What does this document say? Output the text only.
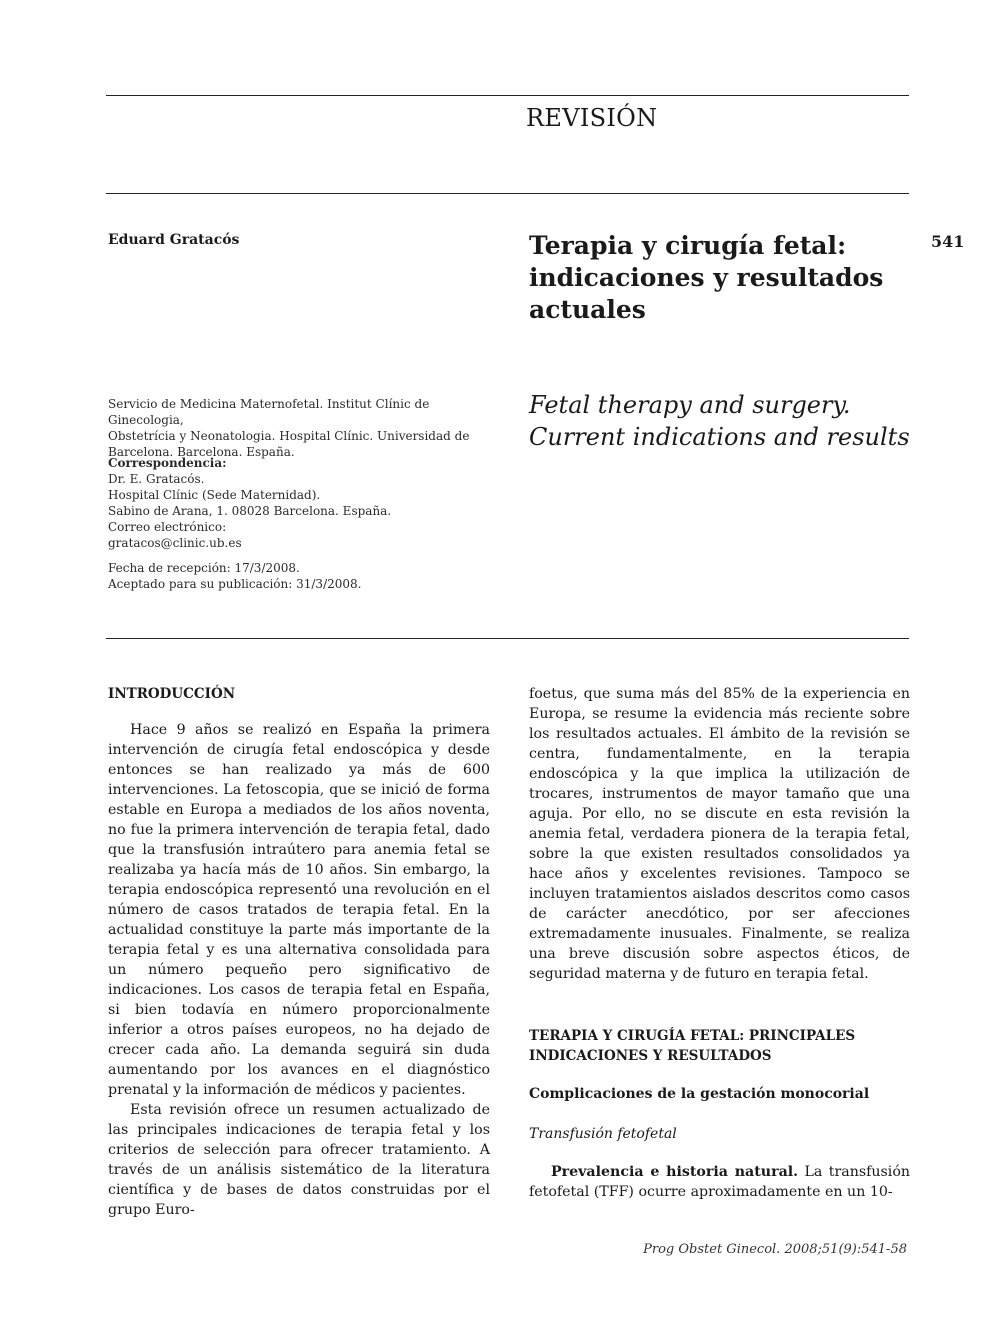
REVISIÓN
Eduard Gratacós	Terapia y cirugía fetal:
indicaciones y resultados
actuales
541
Servicio de Medicina Maternofetal. Institut Clínic de Ginecologia,
Obstetrícia y Neonatologia. Hospital Clínic. Universidad de
Barcelona. Barcelona. España.
Fetal therapy and surgery.
Current indications and results
Correspondencia:
Dr. E. Gratacós.
Hospital Clínic (Sede Maternidad).
Sabino de Arana, 1. 08028 Barcelona. España.
Correo electrónico:
gratacos@clinic.ub.es
Fecha de recepción: 17/3/2008.
Aceptado para su publicación: 31/3/2008.

INTRODUCCIÓN

Hace 9 años se realizó en España la primera intervención de cirugía fetal endoscópica y desde entonces se han realizado ya más de 600 intervenciones. La fetoscopia, que se inició de forma estable en Europa a mediados de los años noventa, no fue la primera intervención de terapia fetal, dado que la transfusión intraútero para anemia fetal se realizaba ya hacía más de 10 años. Sin embargo, la terapia endoscópica representó una revolución en el número de casos tratados de terapia fetal. En la actualidad constituye la parte más importante de la terapia fetal y es una alternativa consolidada para un número pequeño pero significativo de indicaciones. Los casos de terapia fetal en España, si bien todavía en número proporcionalmente inferior a otros países europeos, no ha dejado de crecer cada año. La demanda seguirá sin duda aumentando por los avances en el diagnóstico prenatal y la información de médicos y pacientes.

Esta revisión ofrece un resumen actualizado de las principales indicaciones de terapia fetal y los criterios de selección para ofrecer tratamiento. A través de un análisis sistemático de la literatura científica y de bases de datos construidas por el grupo Euro-

foetus, que suma más del 85% de la experiencia en Europa, se resume la evidencia más reciente sobre los resultados actuales. El ámbito de la revisión se centra, fundamentalmente, en la terapia endoscópica y la que implica la utilización de trocares, instrumentos de mayor tamaño que una aguja. Por ello, no se discute en esta revisión la anemia fetal, verdadera pionera de la terapia fetal, sobre la que existen resultados consolidados ya hace años y excelentes revisiones. Tampoco se incluyen tratamientos aislados descritos como casos de carácter anecdótico, por ser afecciones extremadamente inusuales. Finalmente, se realiza una breve discusión sobre aspectos éticos, de seguridad materna y de futuro en terapia fetal.

TERAPIA Y CIRUGÍA FETAL: PRINCIPALES
INDICACIONES Y RESULTADOS

Complicaciones de la gestación monocorial

Transfusión fetofetal

Prevalencia e historia natural. La transfusión fetofetal (TFF) ocurre aproximadamente en un 10-

Prog Obstet Ginecol. 2008;51(9):541-58
